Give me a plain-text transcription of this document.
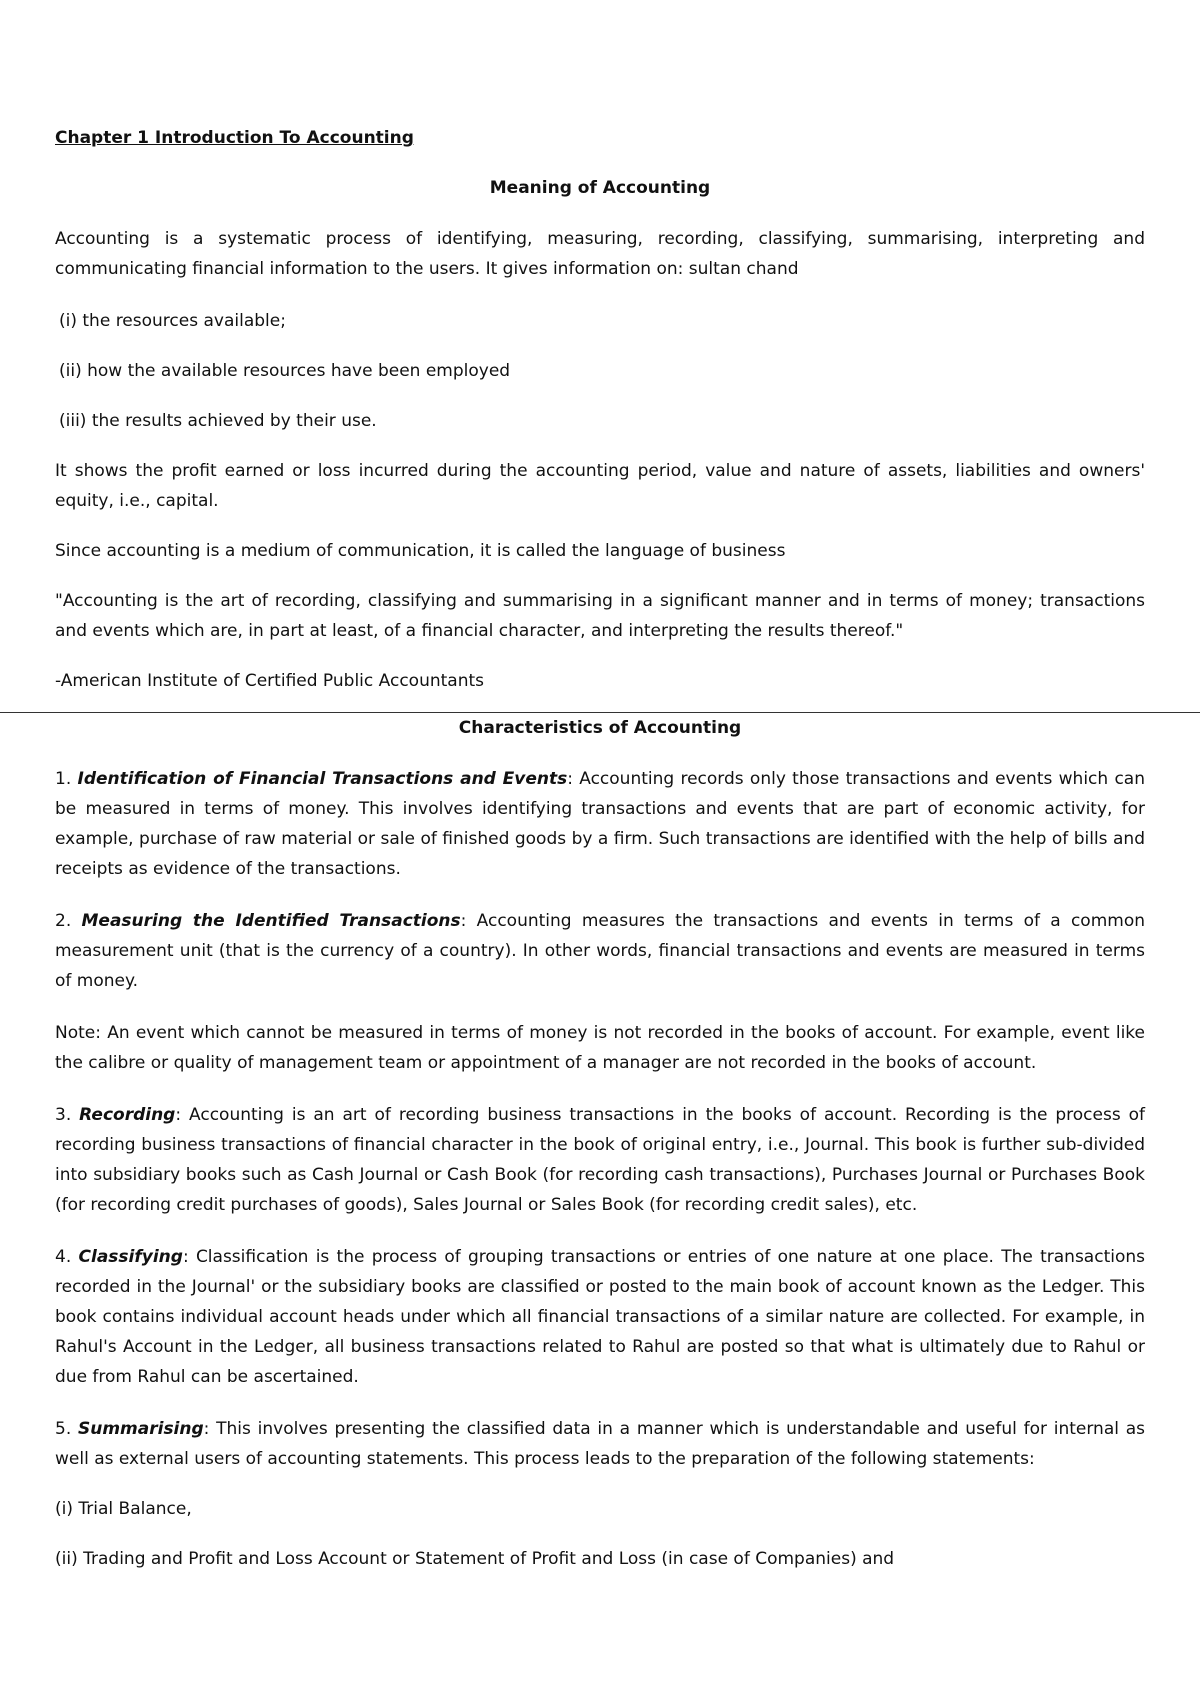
Chapter 1 Introduction To Accounting
Meaning of Accounting

Accounting is a systematic process of identifying, measuring, recording, classifying, summarising, interpreting and communicating financial information to the users. It gives information on: sultan chand

(i) the resources available;

(ii) how the available resources have been employed

(iii) the results achieved by their use.

It shows the profit earned or loss incurred during the accounting period, value and nature of assets, liabilities and owners' equity, i.e., capital.

Since accounting is a medium of communication, it is called the language of business

"Accounting is the art of recording, classifying and summarising in a significant manner and in terms of money; transactions and events which are, in part at least, of a financial character, and interpreting the results thereof."

-American Institute of Certified Public Accountants

Characteristics of Accounting

1. Identification of Financial Transactions and Events: Accounting records only those transactions and events which can be measured in terms of money. This involves identifying transactions and events that are part of economic activity, for example, purchase of raw material or sale of finished goods by a firm. Such transactions are identified with the help of bills and receipts as evidence of the transactions.

2. Measuring the Identified Transactions: Accounting measures the transactions and events in terms of a common measurement unit (that is the currency of a country). In other words, financial transactions and events are measured in terms of money.

Note: An event which cannot be measured in terms of money is not recorded in the books of account. For example, event like the calibre or quality of management team or appointment of a manager are not recorded in the books of account.

3. Recording: Accounting is an art of recording business transactions in the books of account. Recording is the process of recording business transactions of financial character in the book of original entry, i.e., Journal. This book is further sub-divided into subsidiary books such as Cash Journal or Cash Book (for recording cash transactions), Purchases Journal or Purchases Book (for recording credit purchases of goods), Sales Journal or Sales Book (for recording credit sales), etc.

4. Classifying: Classification is the process of grouping transactions or entries of one nature at one place. The transactions recorded in the Journal' or the subsidiary books are classified or posted to the main book of account known as the Ledger. This book contains individual account heads under which all financial transactions of a similar nature are collected. For example, in Rahul's Account in the Ledger, all business transactions related to Rahul are posted so that what is ultimately due to Rahul or due from Rahul can be ascertained.

5. Summarising: This involves presenting the classified data in a manner which is understandable and useful for internal as well as external users of accounting statements. This process leads to the preparation of the following statements:

(i) Trial Balance,

(ii) Trading and Profit and Loss Account or Statement of Profit and Loss (in case of Companies) and
